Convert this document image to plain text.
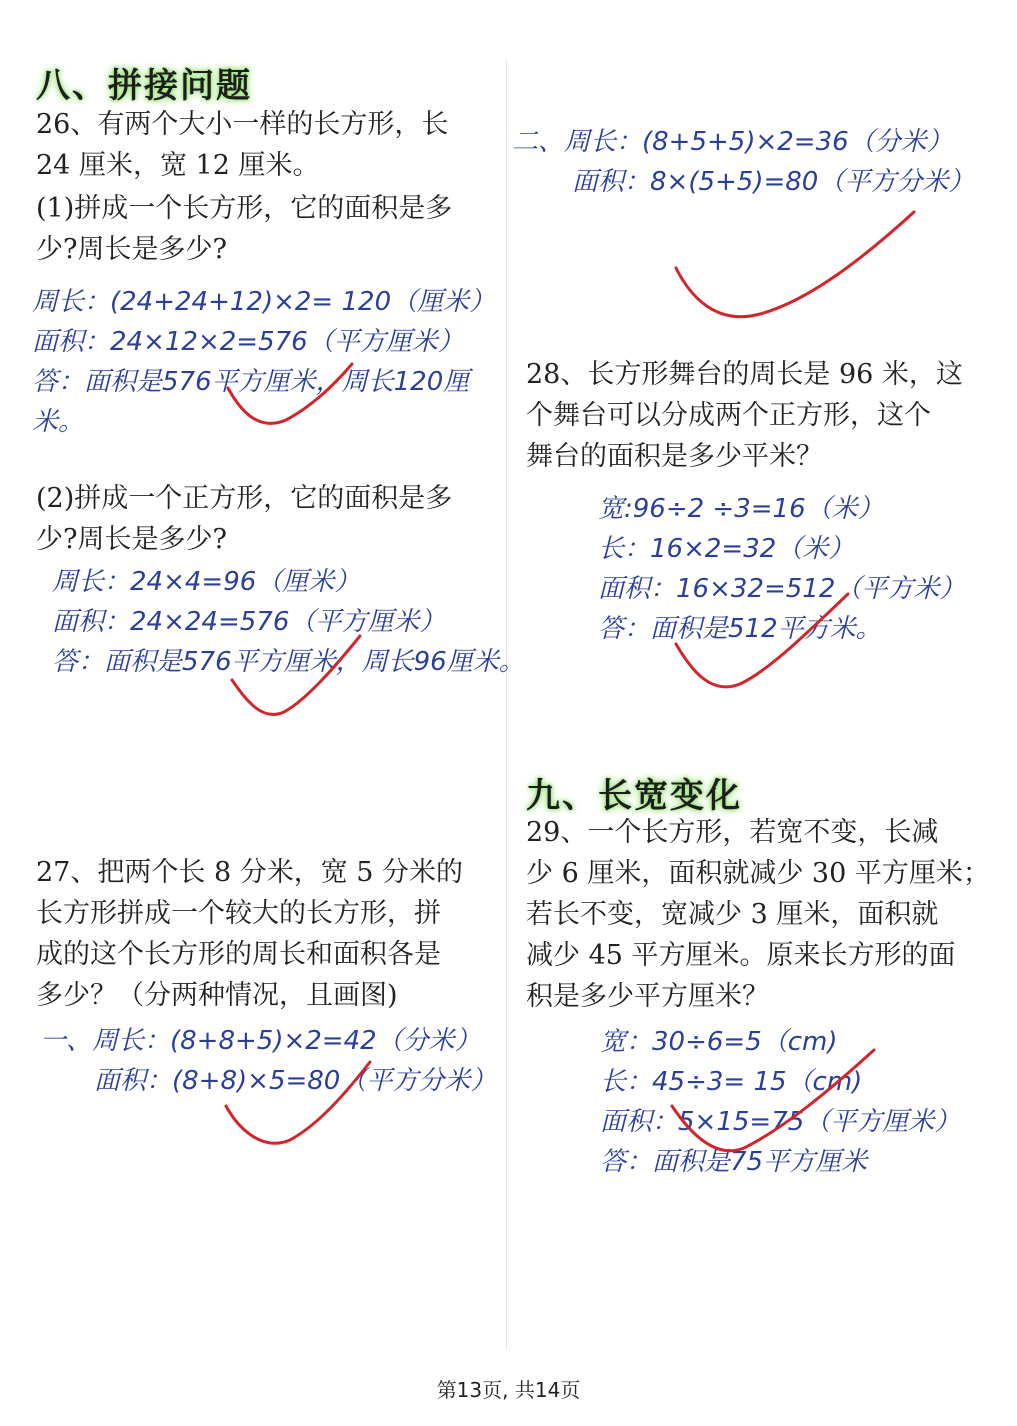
八、拼接问题
26、有两个大小一样的长方形，长
24 厘米，宽 12 厘米。
(1)拼成一个长方形，它的面积是多
少?周长是多少?
周长：(24+24+12)×2= 120（厘米）
面积：24×12×2=576（平方厘米）
答：面积是576平方厘米，周长120厘
米。
(2)拼成一个正方形，它的面积是多
少?周长是多少?
周长：24×4=96（厘米）
面积：24×24=576（平方厘米）
答：面积是576平方厘米，周长96厘米。
27、把两个长 8 分米，宽 5 分米的
长方形拼成一个较大的长方形，拼
成的这个长方形的周长和面积各是
多少？（分两种情况，且画图)
一、周长：(8+8+5)×2=42（分米）
面积：(8+8)×5=80（平方分米）
二、周长：(8+5+5)×2=36（分米）
面积：8×(5+5)=80（平方分米）
28、长方形舞台的周长是 96 米，这
个舞台可以分成两个正方形，这个
舞台的面积是多少平米？
宽:96÷2 ÷3=16（米）
长：16×2=32（米）
面积：16×32=512（平方米）
答：面积是512平方米。
九、长宽变化
29、一个长方形，若宽不变，长减
少 6 厘米，面积就减少 30 平方厘米；
若长不变，宽减少 3 厘米，面积就
减少 45 平方厘米。原来长方形的面
积是多少平方厘米？
宽：30÷6=5（cm)
长：45÷3= 15（cm)
面积：5×15=75（平方厘米）
答：面积是75平方厘米
第13页, 共14页
